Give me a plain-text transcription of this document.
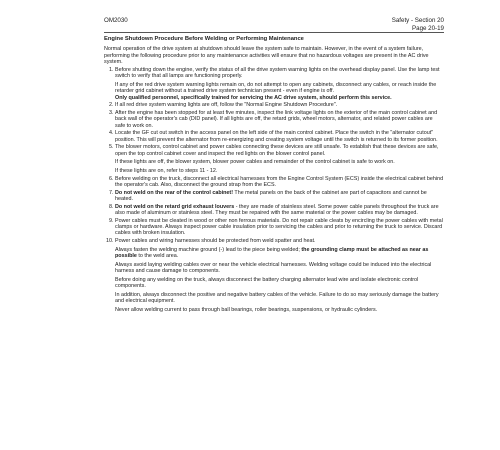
OM2030	Safety - Section 20
Page 20-19

Engine Shutdown Procedure Before Welding or Performing Maintenance

Normal operation of the drive system at shutdown should leave the system safe to maintain. However, in the event of a system failure, performing the following procedure prior to any maintenance activities will ensure that no hazardous voltages are present in the AC drive system.

1. Before shutting down the engine, verify the status of all the drive system warning lights on the overhead display panel. Use the lamp test switch to verify that all lamps are functioning properly.

If any of the red drive system warning lights remain on, do not attempt to open any cabinets, disconnect any cables, or reach inside the retarder grid cabinet without a trained drive system technician present - even if engine is off.

Only qualified personnel, specifically trained for servicing the AC drive system, should perform this service.

2. If all red drive system warning lights are off, follow the "Normal Engine Shutdown Procedure".

3. After the engine has been stopped for at least five minutes, inspect the link voltage lights on the exterior of the main control cabinet and back wall of the operator's cab (DID panel). If all lights are off, the retard grids, wheel motors, alternator, and related power cables are safe to work on.

4. Locate the GF cut out switch in the access panel on the left side of the main control cabinet. Place the switch in the "alternator cutout" position. This will prevent the alternator from re-energizing and creating system voltage until the switch is returned to its former position.

5. The blower motors, control cabinet and power cables connecting these devices are still unsafe. To establish that these devices are safe, open the top control cabinet cover and inspect the red lights on the blower control panel.

If these lights are off, the blower system, blower power cables and remainder of the control cabinet is safe to work on.

If these lights are on, refer to steps 11 - 12.

6. Before welding on the truck, disconnect all electrical harnesses from the Engine Control System (ECS) inside the electrical cabinet behind the operator's cab. Also, disconnect the ground strap from the ECS.

7. Do not weld on the rear of the control cabinet! The metal panels on the back of the cabinet are part of capacitors and cannot be heated.

8. Do not weld on the retard grid exhaust louvers - they are made of stainless steel. Some power cable panels throughout the truck are also made of aluminum or stainless steel. They must be repaired with the same material or the power cables may be damaged.

9. Power cables must be cleated in wood or other non ferrous materials. Do not repair cable cleats by encircling the power cables with metal clamps or hardware. Always inspect power cable insulation prior to servicing the cables and prior to returning the truck to service. Discard cables with broken insulation.

10. Power cables and wiring harnesses should be protected from weld spatter and heat.

Always fasten the welding machine ground (-) lead to the piece being welded; the grounding clamp must be attached as near as possible to the weld area.

Always avoid laying welding cables over or near the vehicle electrical harnesses. Welding voltage could be induced into the electrical harness and cause damage to components.

Before doing any welding on the truck, always disconnect the battery charging alternator lead wire and isolate electronic control components.

In addition, always disconnect the positive and negative battery cables of the vehicle. Failure to do so may seriously damage the battery and electrical equipment.

Never allow welding current to pass through ball bearings, roller bearings, suspensions, or hydraulic cylinders.
